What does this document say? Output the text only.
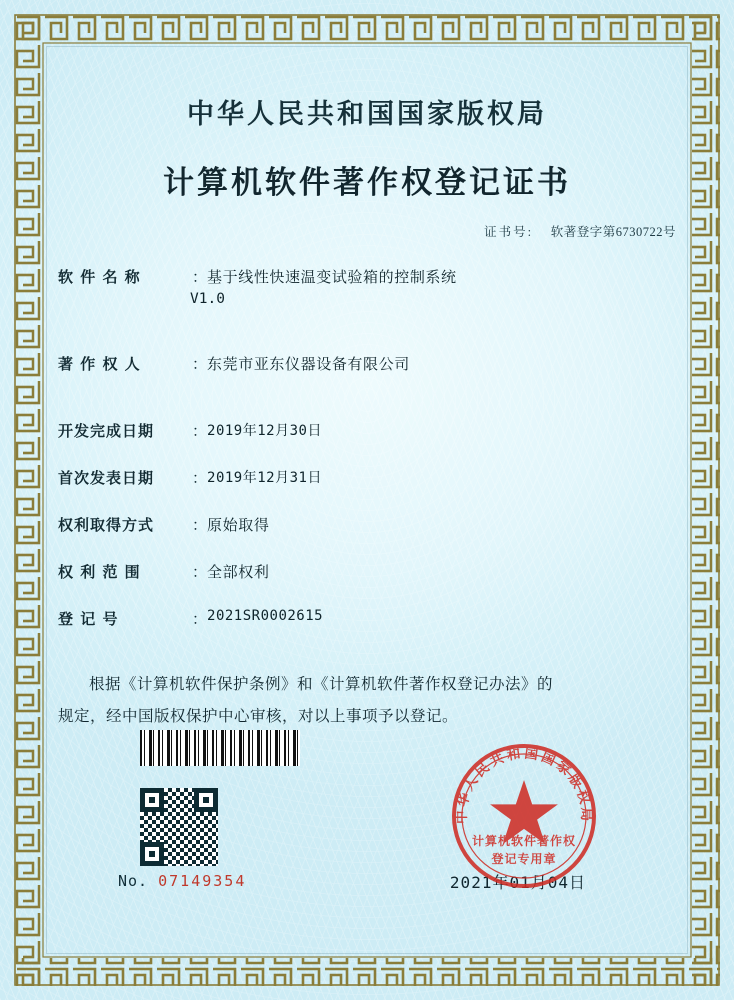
中华人民共和国国家版权局
计算机软件著作权登记证书
证书号: 软著登字第6730722号
软 件 名 称	： 基于线性快速温变试验箱的控制系统
V1.0
著 作 权 人	： 东莞市亚东仪器设备有限公司
开发完成日期	： 2019年12月30日
首次发表日期	： 2019年12月31日
权利取得方式	： 原始取得
权 利 范 围	： 全部权利
登 记 号	： 2021SR0002615
根据《计算机软件保护条例》和《计算机软件著作权登记办法》的
规定，经中国版权保护中心审核，对以上事项予以登记。
No. 07149354	2021年01月04日
中华人民共和国国家版权局
计算机软件著作权
登记专用章
